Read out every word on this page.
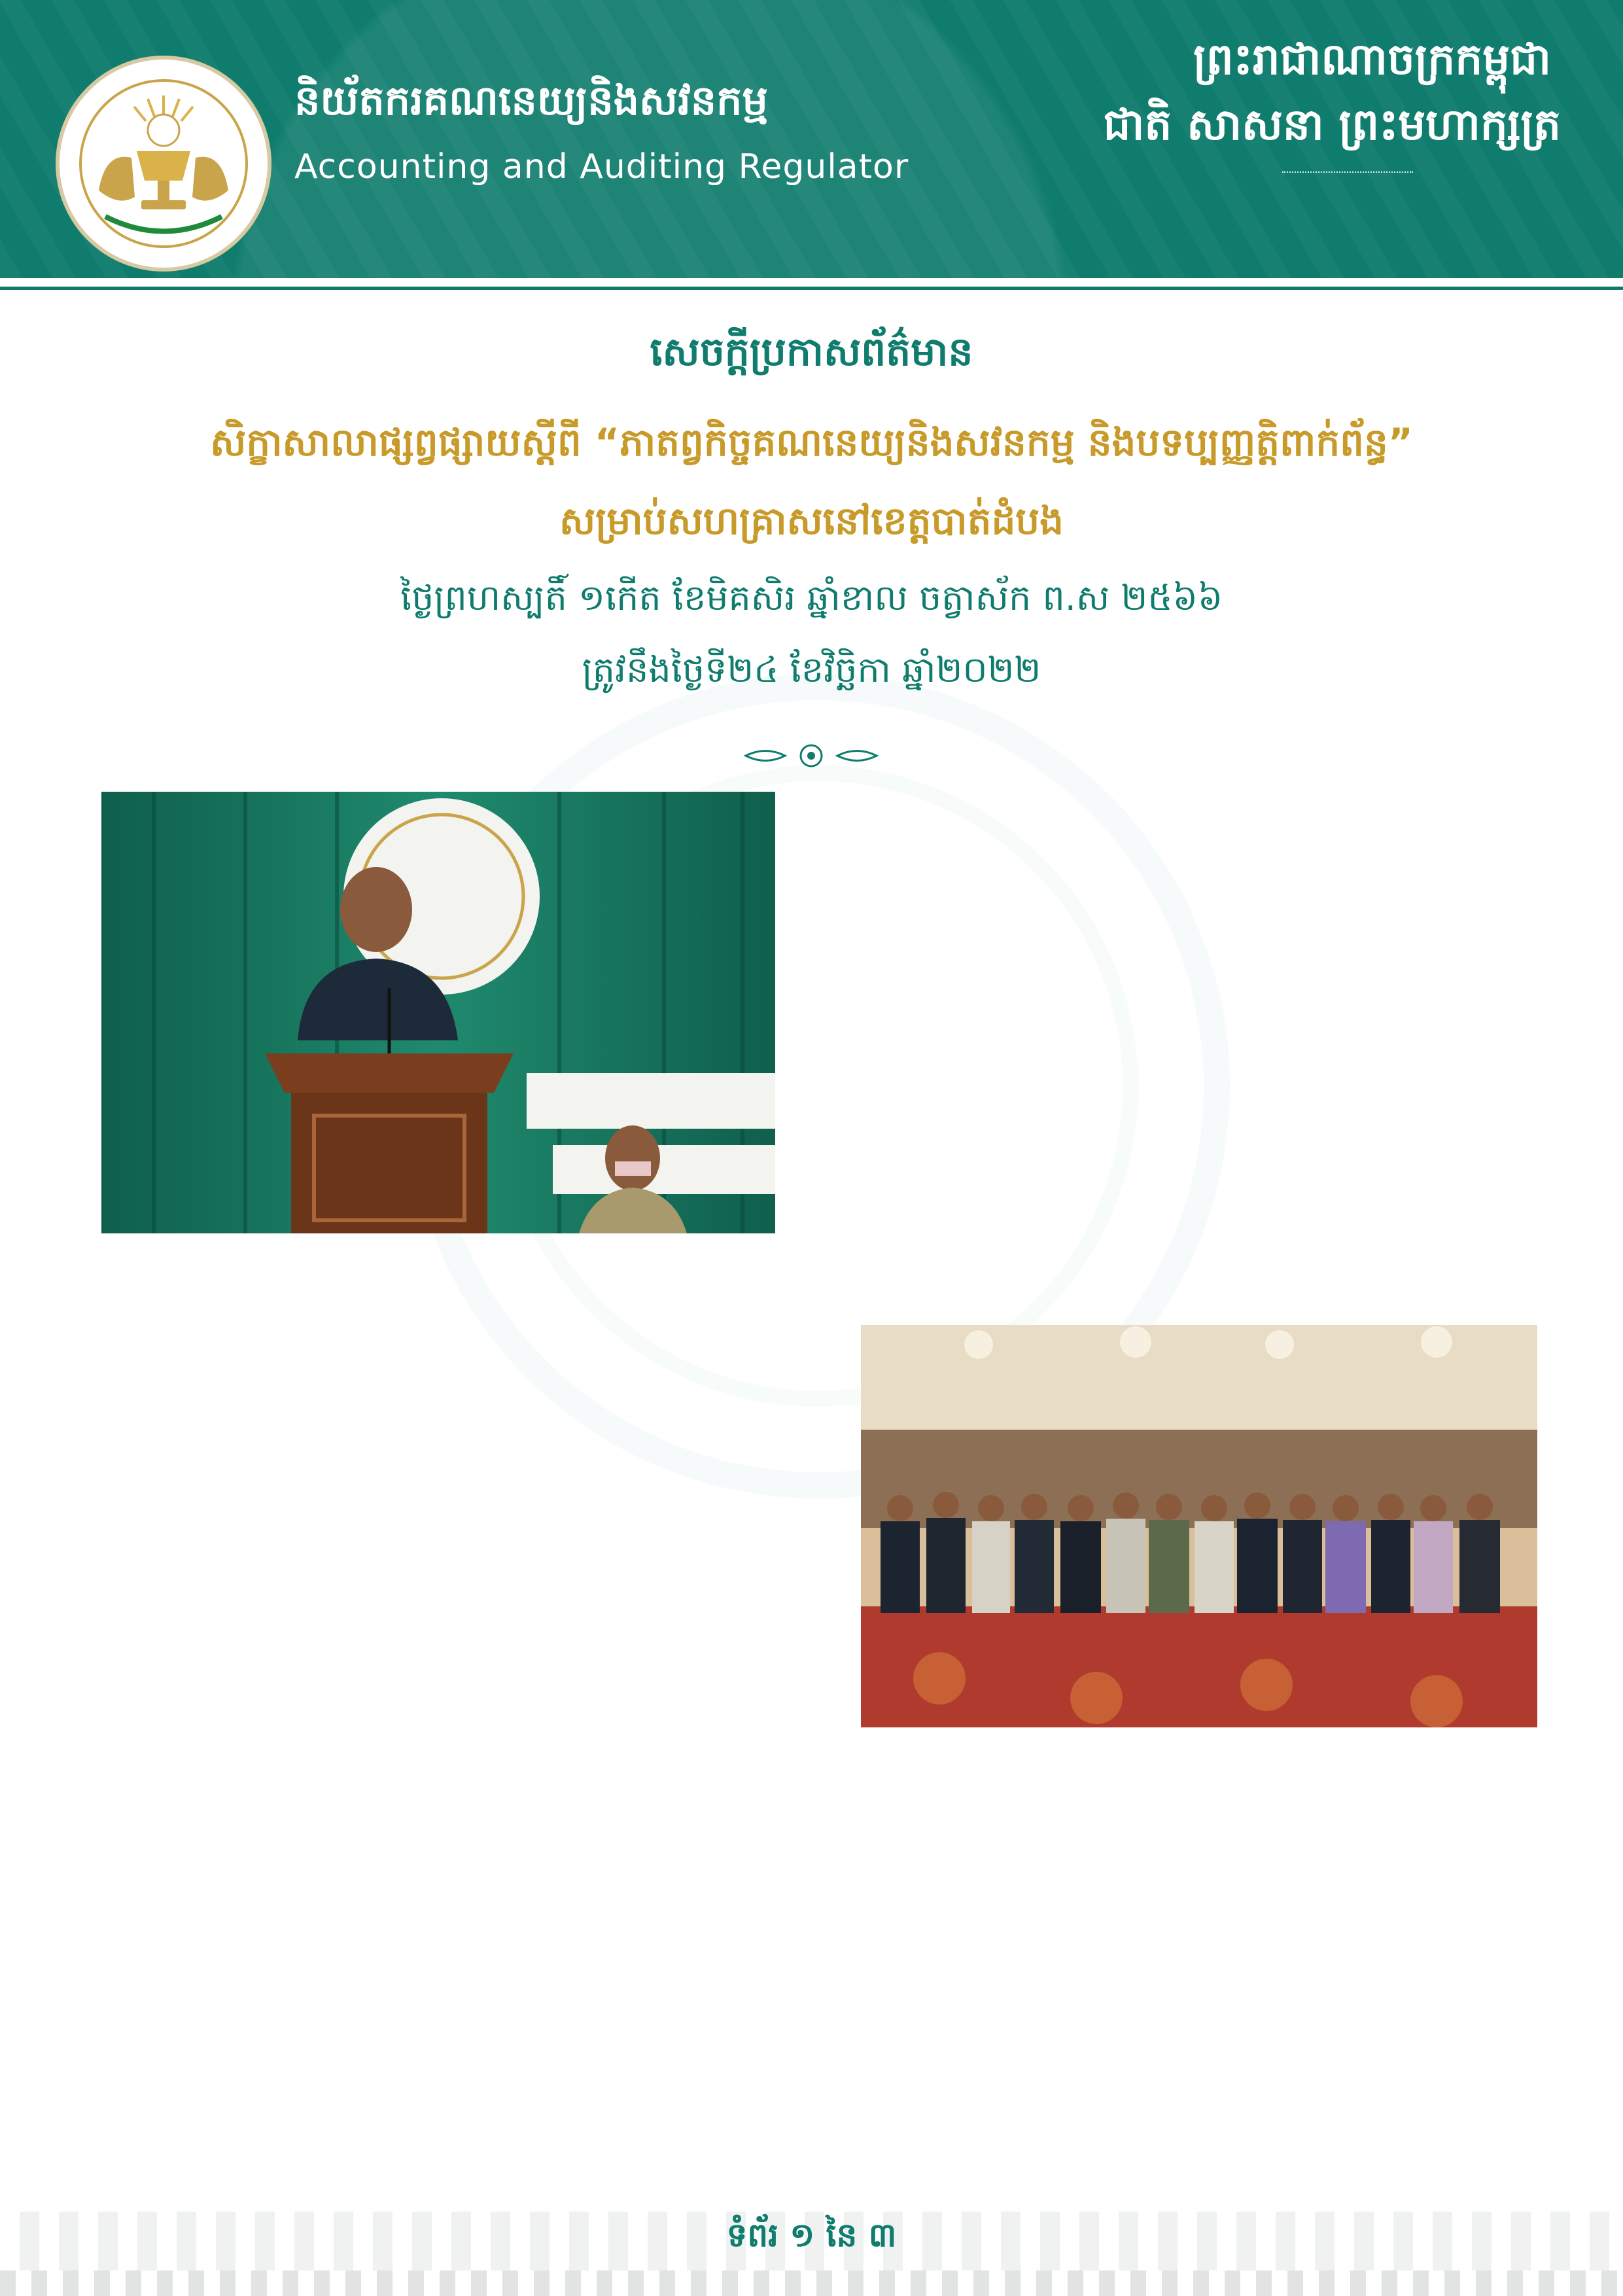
និយ័តករគណនេយ្យនិងសវនកម្ម
Accounting and Auditing Regulator
ព្រះរាជាណាចក្រកម្ពុជា
ជាតិ សាសនា ព្រះមហាក្សត្រ
សេចក្តីប្រកាសព័ត៌មាន
សិក្ខាសាលាផ្សព្វផ្សាយស្តីពី “ភាតព្វកិច្ចគណនេយ្យនិងសវនកម្ម និងបទប្បញ្ញត្តិពាក់ព័ន្ធ”
សម្រាប់សហគ្រាសនៅខេត្តបាត់ដំបង
ថ្ងៃព្រហស្បតិ៍ ១កើត ខែមិគសិរ ឆ្នាំខាល ចត្វាស័ក ព.ស ២៥៦៦
ត្រូវនឹងថ្ងៃទី២៤ ខែវិច្ឆិកា ឆ្នាំ២០២២
ទំព័រ ១ នៃ ៣
